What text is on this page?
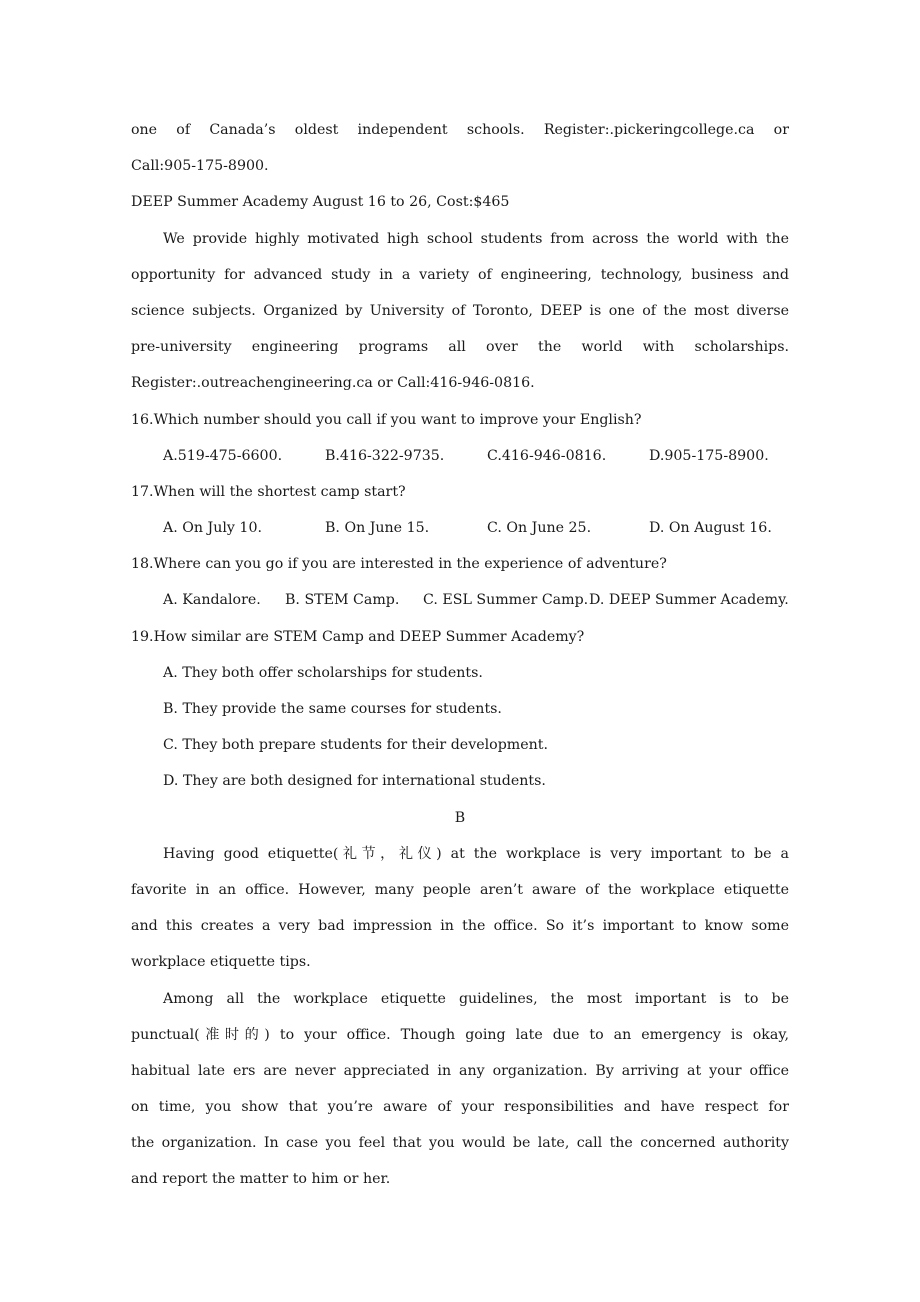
one of Canada’s oldest independent schools. Register:.pickeringcollege.ca or
Call:905-175-8900.
DEEP Summer Academy August 16 to 26, Cost:$465
We provide highly motivated high school students from across the world with the
opportunity for advanced study in a variety of engineering, technology, business and
science subjects. Organized by University of Toronto, DEEP is one of the most diverse
pre-university engineering programs all over the world with scholarships.
Register:.outreachengineering.ca or Call:416-946-0816.
16.Which number should you call if you want to improve your English?
A.519-475-6600.	B.416-322-9735.	C.416-946-0816.	D.905-175-8900.
17.When will the shortest camp start?
A. On July 10.	B. On June 15.	C. On June 25.	D. On August 16.
18.Where can you go if you are interested in the experience of adventure?
A. Kandalore.	B. STEM Camp.	C. ESL Summer Camp. D. DEEP Summer Academy.
19.How similar are STEM Camp and DEEP Summer Academy?
A. They both offer scholarships for students.
B. They provide the same courses for students.
C. They both prepare students for their development.
D. They are both designed for international students.
B
Having good etiquette(礼节，礼仪) at the workplace is very important to be a
favorite in an office. However, many people aren’t aware of the workplace etiquette
and this creates a very bad impression in the office. So it’s important to know some
workplace etiquette tips.
Among all the workplace etiquette guidelines, the most important is to be
punctual(准时的) to your office. Though going late due to an emergency is okay,
habitual late ers are never appreciated in any organization. By arriving at your office
on time, you show that you’re aware of your responsibilities and have respect for
the organization. In case you feel that you would be late, call the concerned authority
and report the matter to him or her.
